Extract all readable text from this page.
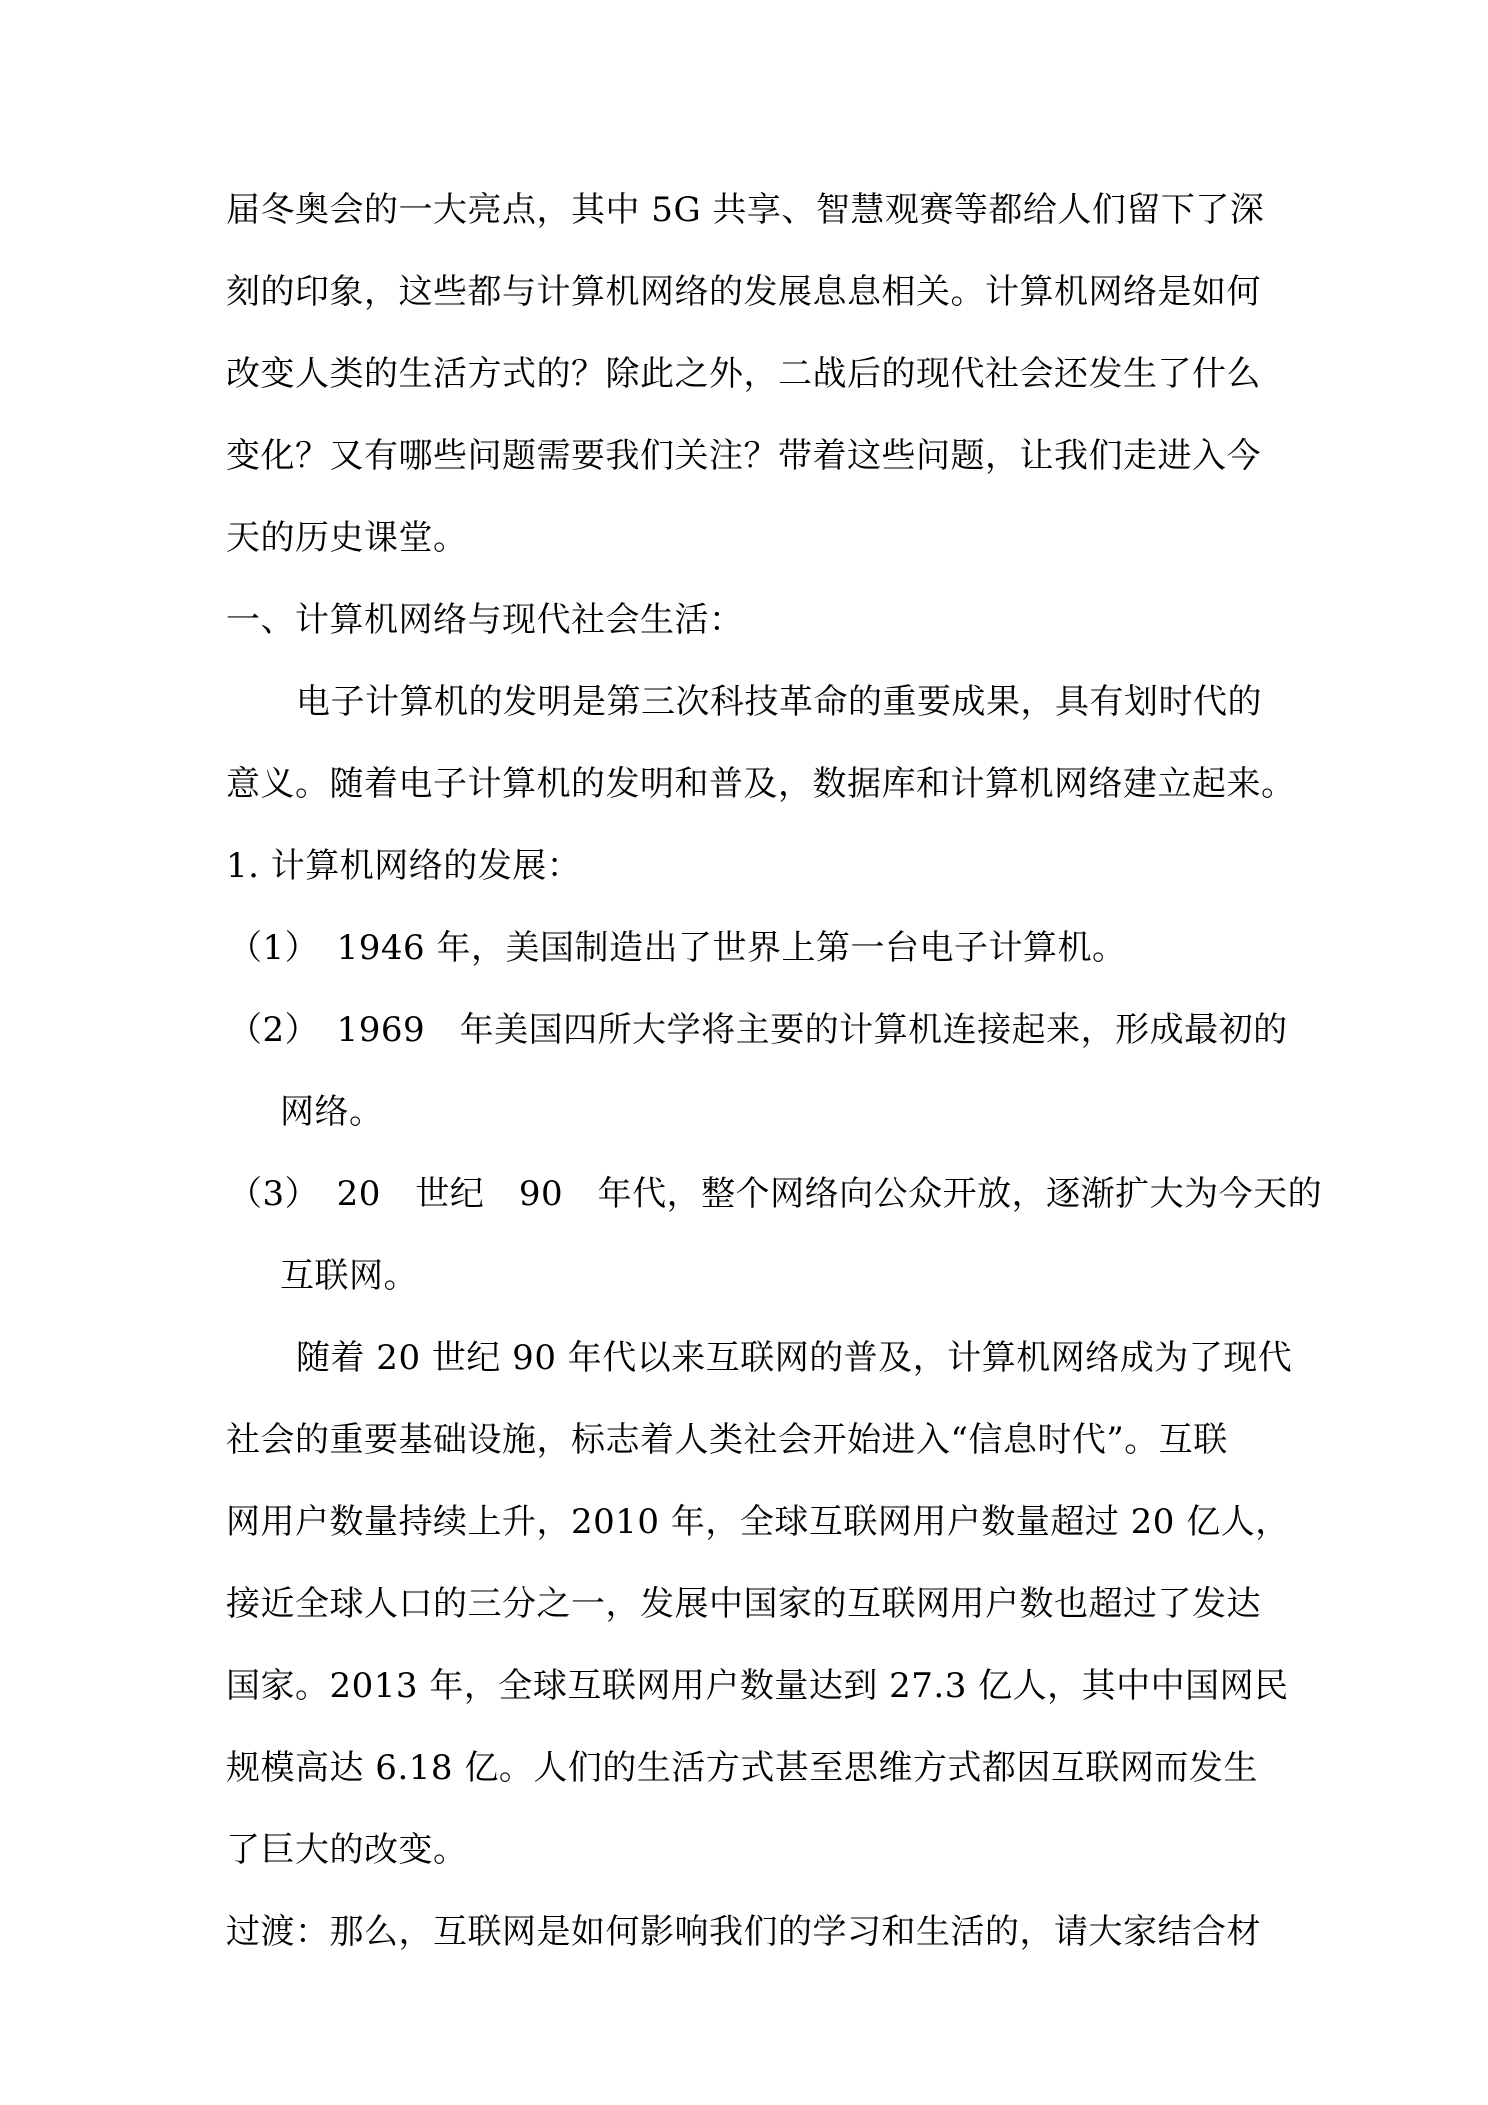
届冬奥会的一大亮点，其中 5G 共享、智慧观赛等都给人们留下了深
刻的印象，这些都与计算机网络的发展息息相关。计算机网络是如何
改变人类的生活方式的？除此之外，二战后的现代社会还发生了什么
变化？又有哪些问题需要我们关注？带着这些问题，让我们走进入今
天的历史课堂。
一、计算机网络与现代社会生活：
电子计算机的发明是第三次科技革命的重要成果，具有划时代的
意义。随着电子计算机的发明和普及，数据库和计算机网络建立起来。
1. 计算机网络的发展：
（1）　1946 年，美国制造出了世界上第一台电子计算机。
（2）　1969　年美国四所大学将主要的计算机连接起来，形成最初的
网络。
（3）　20　世纪　90　年代，整个网络向公众开放，逐渐扩大为今天的
互联网。
随着 20 世纪 90 年代以来互联网的普及，计算机网络成为了现代
社会的重要基础设施，标志着人类社会开始进入“信息时代”。互联
网用户数量持续上升，2010 年，全球互联网用户数量超过 20 亿人，
接近全球人口的三分之一，发展中国家的互联网用户数也超过了发达
国家。2013 年，全球互联网用户数量达到 27.3 亿人，其中中国网民
规模高达 6.18 亿。人们的生活方式甚至思维方式都因互联网而发生
了巨大的改变。
过渡：那么，互联网是如何影响我们的学习和生活的，请大家结合材
